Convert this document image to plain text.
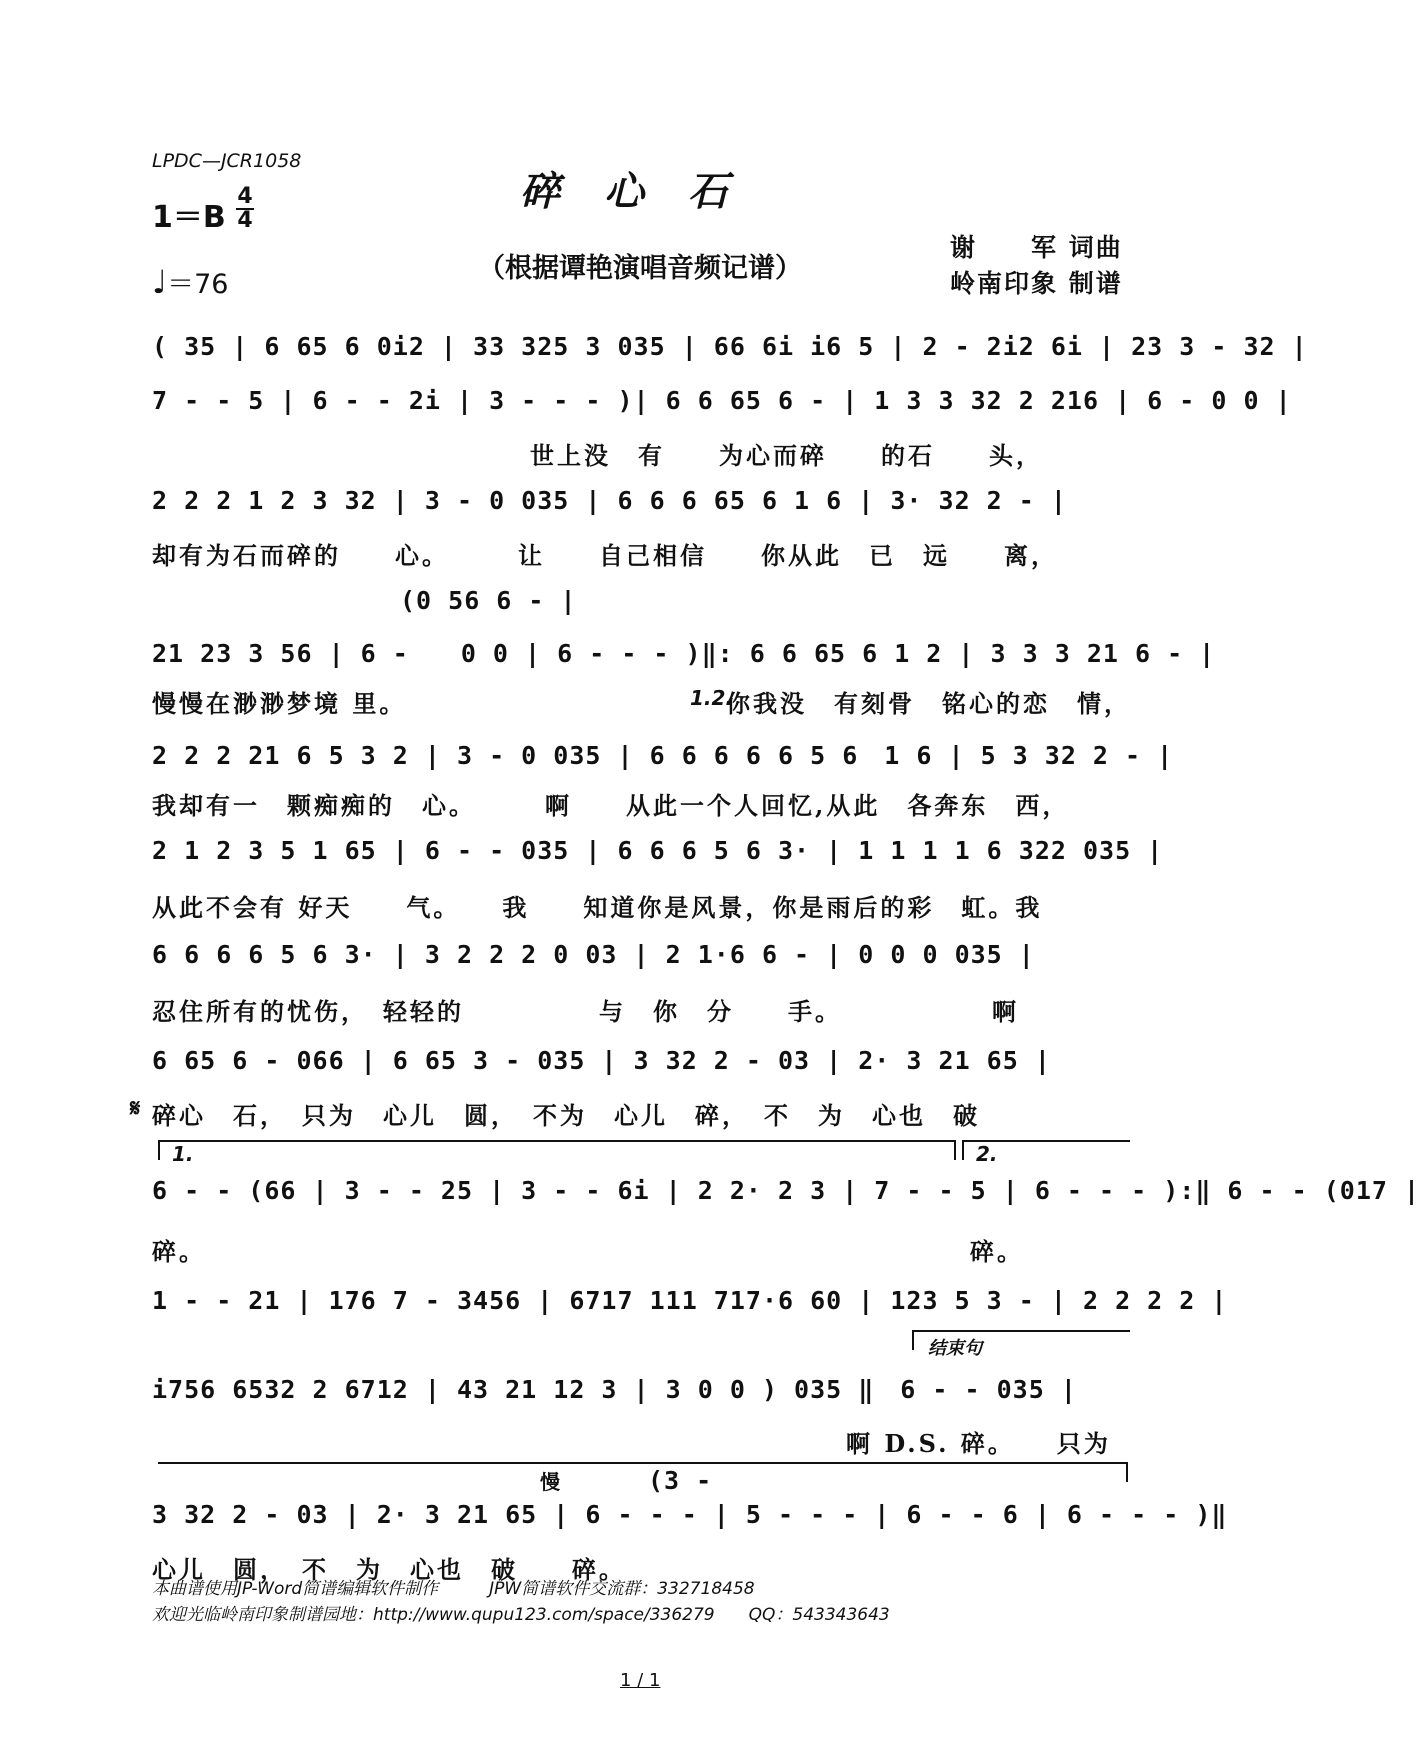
LPDC—JCR1058
碎心石
1＝B
4
4
♩＝76
（根据谭艳演唱音频记谱）
谢　　军 词曲
岭南印象 制谱
( 35 | 6 65 6 0i2 | 33 325 3 035 | 66 6i i6 5 | 2 - 2i2 6i | 23 3 - 32 |
7 - - 5 | 6 - - 2i | 3 - - - )| 6 6 65 6 - | 1 3 3 32 2 216 | 6 - 0 0 |
世上没　有　　为心而碎　　的石　　头，
2 2 2 1 2 3 32 | 3 - 0 035 | 6 6 6 65 6 1 6 | 3· 32 2 - |
却有为石而碎的　　心。　　　让　　自己相信　　你从此　已　远　　离，
(0 56 6 - |
21 23 3 56 | 6 -　　0 0 | 6 - - - )‖: 6 6 65 6 1 2 | 3 3 3 21 6 - |
慢慢在渺渺梦境 里。	1.2.
你我没　有刻骨　铭心的恋　情，
2 2 2 21 6 5 3 2 | 3 - 0 035 | 6 6 6 6 6 5 6　1 6 | 5 3 32 2 - |
我却有一　颗痴痴的　心。　　　啊　　从此一个人回忆,从此　各奔东　西，
2 1 2 3 5 1 65 | 6 - - 035 | 6 6 6 5 6 3· | 1 1 1 1 6 322 035 |
从此不会有 好天　　气。　　我　　知道你是风景，你是雨后的彩　虹。我
6 6 6 6 5 6 3· | 3 2 2 2 0 03 | 2 1·6 6 - | 0 0 0 035 |
忍住所有的忧伤，　轻轻的　　　　　与　你　分　　手。　　　　　　啊
6 65 6 - 066 | 6 65 3 - 035 | 3 32 2 - 03 | 2· 3 21 65 |
𝄋 碎心　石，　只为　心儿　圆，　不为　心儿　碎，　不　为　心也　破
1.	2.
6 - - (66 | 3 - - 25 | 3 - - 6i | 2 2· 2 3 | 7 - - 5 | 6 - - - ):‖ 6 - - (017 |
碎。	碎。
1 - - 21 | 176 7 - 3456 | 6717 111 717·6 60 | 123 5 3 - | 2 2 2 2 |
结束句
i756 6532 2 6712 | 43 21 12 3 | 3 0 0 ) 035 ‖　6 - - 035 |
啊 D.S. 碎。　　只为
慢	(3 -
3 32 2 - 03 | 2· 3 21 65 | 6 - - - | 5 - - - | 6 - - 6 | 6 - - - )‖
心儿　圆，　不　为　心也　破　　碎。
本曲谱使用JP-Word简谱编辑软件制作　　　JPW简谱软件交流群：332718458
欢迎光临岭南印象制谱园地：http://www.qupu123.com/space/336279　　QQ：543343643
1 / 1
